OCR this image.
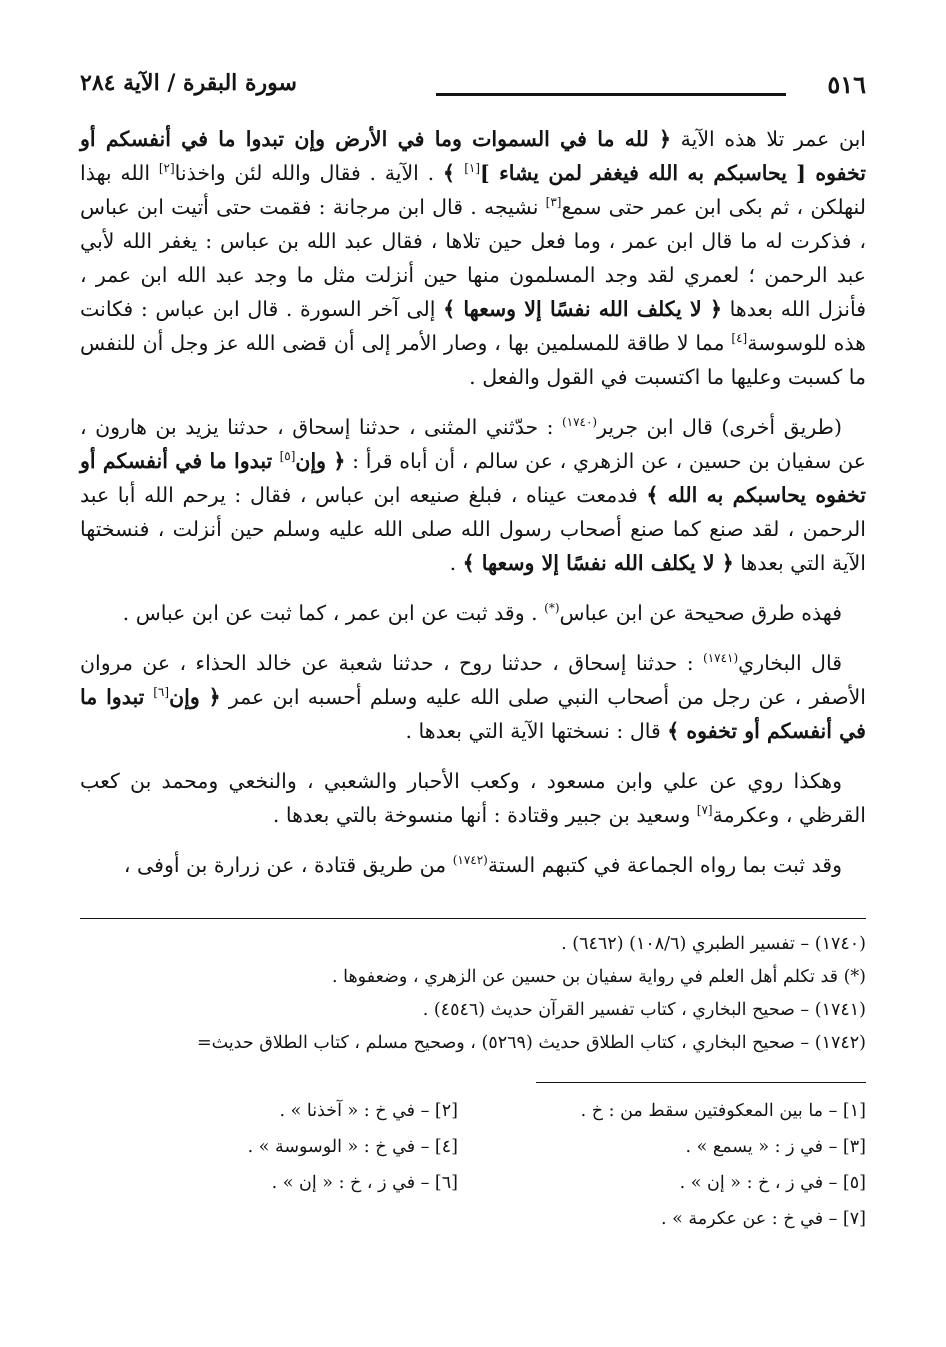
٥١٦
سورة البقرة / الآية ٢٨٤

ابن عمر تلا هذه الآية ﴿ لله ما في السموات وما في الأرض وإن تبدوا ما في أنفسكم أو تخفوه [ يحاسبكم به الله فيغفر لمن يشاء ][١] ﴾ . الآية . فقال والله لئن واخذنا[٢] الله بهذا لنهلكن ، ثم بكى ابن عمر حتى سمع[٣] نشيجه . قال ابن مرجانة : فقمت حتى أتيت ابن عباس ، فذكرت له ما قال ابن عمر ، وما فعل حين تلاها ، فقال عبد الله بن عباس : يغفر الله لأبي عبد الرحمن ؛ لعمري لقد وجد المسلمون منها حين أنزلت مثل ما وجد عبد الله ابن عمر ، فأنزل الله بعدها ﴿ لا يكلف الله نفسًا إلا وسعها ﴾ إلى آخر السورة . قال ابن عباس : فكانت هذه للوسوسة[٤] مما لا طاقة للمسلمين بها ، وصار الأمر إلى أن قضى الله عز وجل أن للنفس ما كسبت وعليها ما اكتسبت في القول والفعل .

(طريق أخرى) قال ابن جرير$^{(١٧٤٠)}$ : حدّثني المثنى ، حدثنا إسحاق ، حدثنا يزيد بن هارون ، عن سفيان بن حسين ، عن الزهري ، عن سالم ، أن أباه قرأ : ﴿ وإن[٥] تبدوا ما في أنفسكم أو تخفوه يحاسبكم به الله ﴾ فدمعت عيناه ، فبلغ صنيعه ابن عباس ، فقال : يرحم الله أبا عبد الرحمن ، لقد صنع كما صنع أصحاب رسول الله صلى الله عليه وسلم حين أنزلت ، فنسختها الآية التي بعدها ﴿ لا يكلف الله نفسًا إلا وسعها ﴾ .

فهذه طرق صحيحة عن ابن عباس(*) . وقد ثبت عن ابن عمر ، كما ثبت عن ابن عباس .

قال البخاري$^{(١٧٤١)}$ : حدثنا إسحاق ، حدثنا روح ، حدثنا شعبة عن خالد الحذاء ، عن مروان الأصفر ، عن رجل من أصحاب النبي صلى الله عليه وسلم أحسبه ابن عمر ﴿ وإن[٦] تبدوا ما في أنفسكم أو تخفوه ﴾ قال : نسختها الآية التي بعدها .

وهكذا روي عن علي وابن مسعود ، وكعب الأحبار والشعبي ، والنخعي ومحمد بن كعب القرظي ، وعكرمة[٧] وسعيد بن جبير وقتادة : أنها منسوخة بالتي بعدها .

وقد ثبت بما رواه الجماعة في كتبهم الستة$^{(١٧٤٢)}$ من طريق قتادة ، عن زرارة بن أوفى ،

(١٧٤٠) – تفسير الطبري (١٠٨/٦) (٦٤٦٢) .

(*) قد تكلم أهل العلم في رواية سفيان بن حسين عن الزهري ، وضعفوها .

(١٧٤١) – صحيح البخاري ، كتاب تفسير القرآن حديث (٤٥٤٦) .

(١٧٤٢) – صحيح البخاري ، كتاب الطلاق حديث (٥٢٦٩) ، وصحيح مسلم ، كتاب الطلاق حديث=

[١] – ما بين المعكوفتين سقط من : خ .
[٢] – في خ : « آخذنا » .
[٣] – في ز : « يسمع » .
[٤] – في خ : « الوسوسة » .
[٥] – في ز ، خ : « إن » .
[٦] – في ز ، خ : « إن » .
[٧] – في خ : عن عكرمة » .
